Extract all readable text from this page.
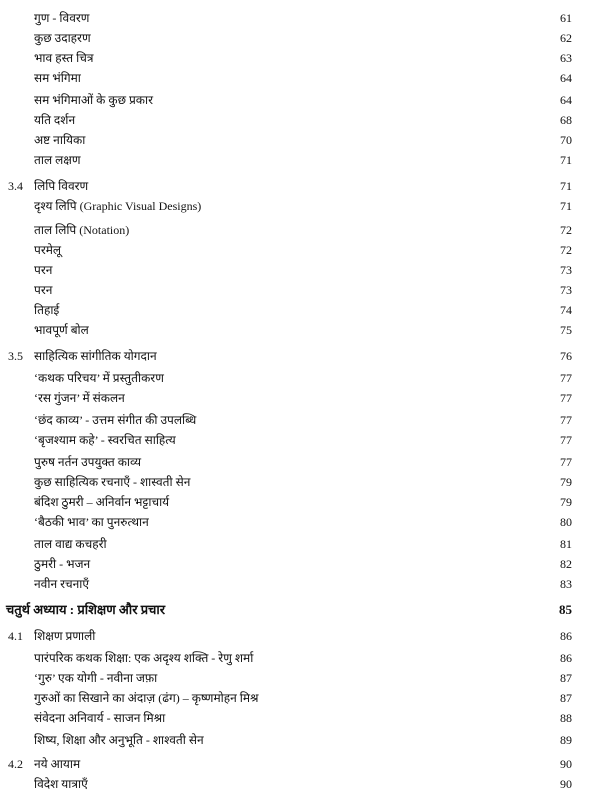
गुण - विवरण	61
कुछ उदाहरण	62
भाव हस्त चित्र	63
सम भंगिमा	64
सम भंगिमाओं के कुछ प्रकार	64
यति दर्शन	68
अष्ट नायिका	70
ताल लक्षण	71
3.4 लिपि विवरण	71
दृश्य लिपि (Graphic Visual Designs)	71
ताल लिपि (Notation)	72
परमेलू	72
परन	73
परन	73
तिहाई	74
भावपूर्ण बोल	75
3.5 साहित्यिक सांगीतिक योगदान	76
‘कथक परिचय’ में प्रस्तुतीकरण	77
‘रस गुंजन’ में संकलन	77
‘छंद काव्य’ - उत्तम संगीत की उपलब्धि	77
‘बृजश्याम कहे’ - स्वरचित साहित्य	77
पुरुष नर्तन उपयुक्त काव्य	77
कुछ साहित्यिक रचनाएँ - शास्वती सेन	79
बंदिश ठुमरी – अनिर्वान भट्टाचार्य	79
‘बैठकी भाव’ का पुनरुत्थान	80
ताल वाद्य कचहरी	81
ठुमरी - भजन	82
नवीन रचनाएँ	83
चतुर्थ अध्याय : प्रशिक्षण और प्रचार	85
4.1 शिक्षण प्रणाली	86
पारंपरिक कथक शिक्षा: एक अदृश्य शक्ति - रेणु शर्मा	86
‘गुरु’ एक योगी - नवीना जफ़ा	87
गुरुओं का सिखाने का अंदाज़ (ढंग) – कृष्णमोहन मिश्र	87
संवेदना अनिवार्य - साजन मिश्रा	88
शिष्य, शिक्षा और अनुभूति - शाश्वती सेन	89
4.2 नये आयाम	90
विदेश यात्राएँ	90
